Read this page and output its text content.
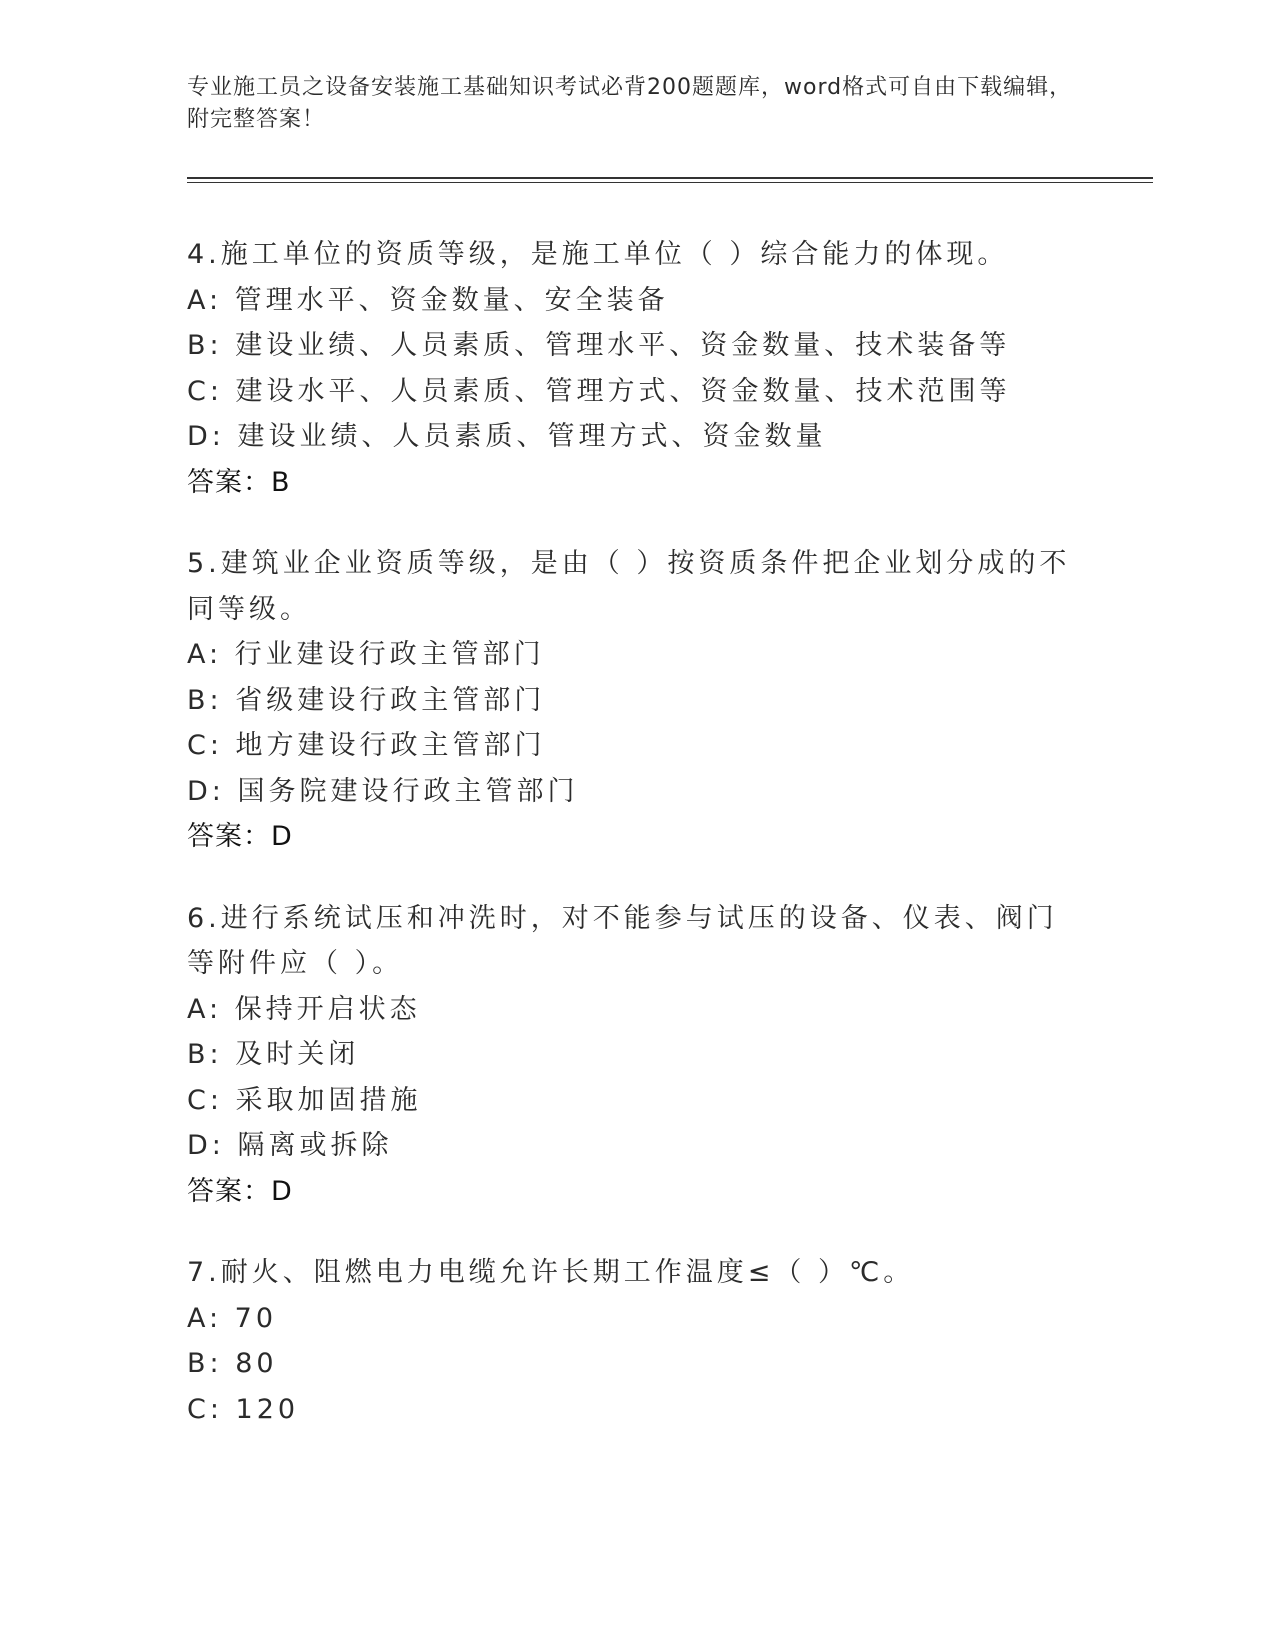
专业施工员之设备安装施工基础知识考试必背200题题库，word格式可自由下载编辑，附完整答案！
4.施工单位的资质等级，是施工单位（ ）综合能力的体现。
A: 管理水平、资金数量、安全装备
B: 建设业绩、人员素质、管理水平、资金数量、技术装备等
C: 建设水平、人员素质、管理方式、资金数量、技术范围等
D: 建设业绩、人员素质、管理方式、资金数量
答案：B
5.建筑业企业资质等级，是由（ ）按资质条件把企业划分成的不同等级。
A: 行业建设行政主管部门
B: 省级建设行政主管部门
C: 地方建设行政主管部门
D: 国务院建设行政主管部门
答案：D
6.进行系统试压和冲洗时，对不能参与试压的设备、仪表、阀门等附件应（ ）。
A: 保持开启状态
B: 及时关闭
C: 采取加固措施
D: 隔离或拆除
答案：D
7.耐火、阻燃电力电缆允许长期工作温度≤（ ）℃。
A: 70
B: 80
C: 120
